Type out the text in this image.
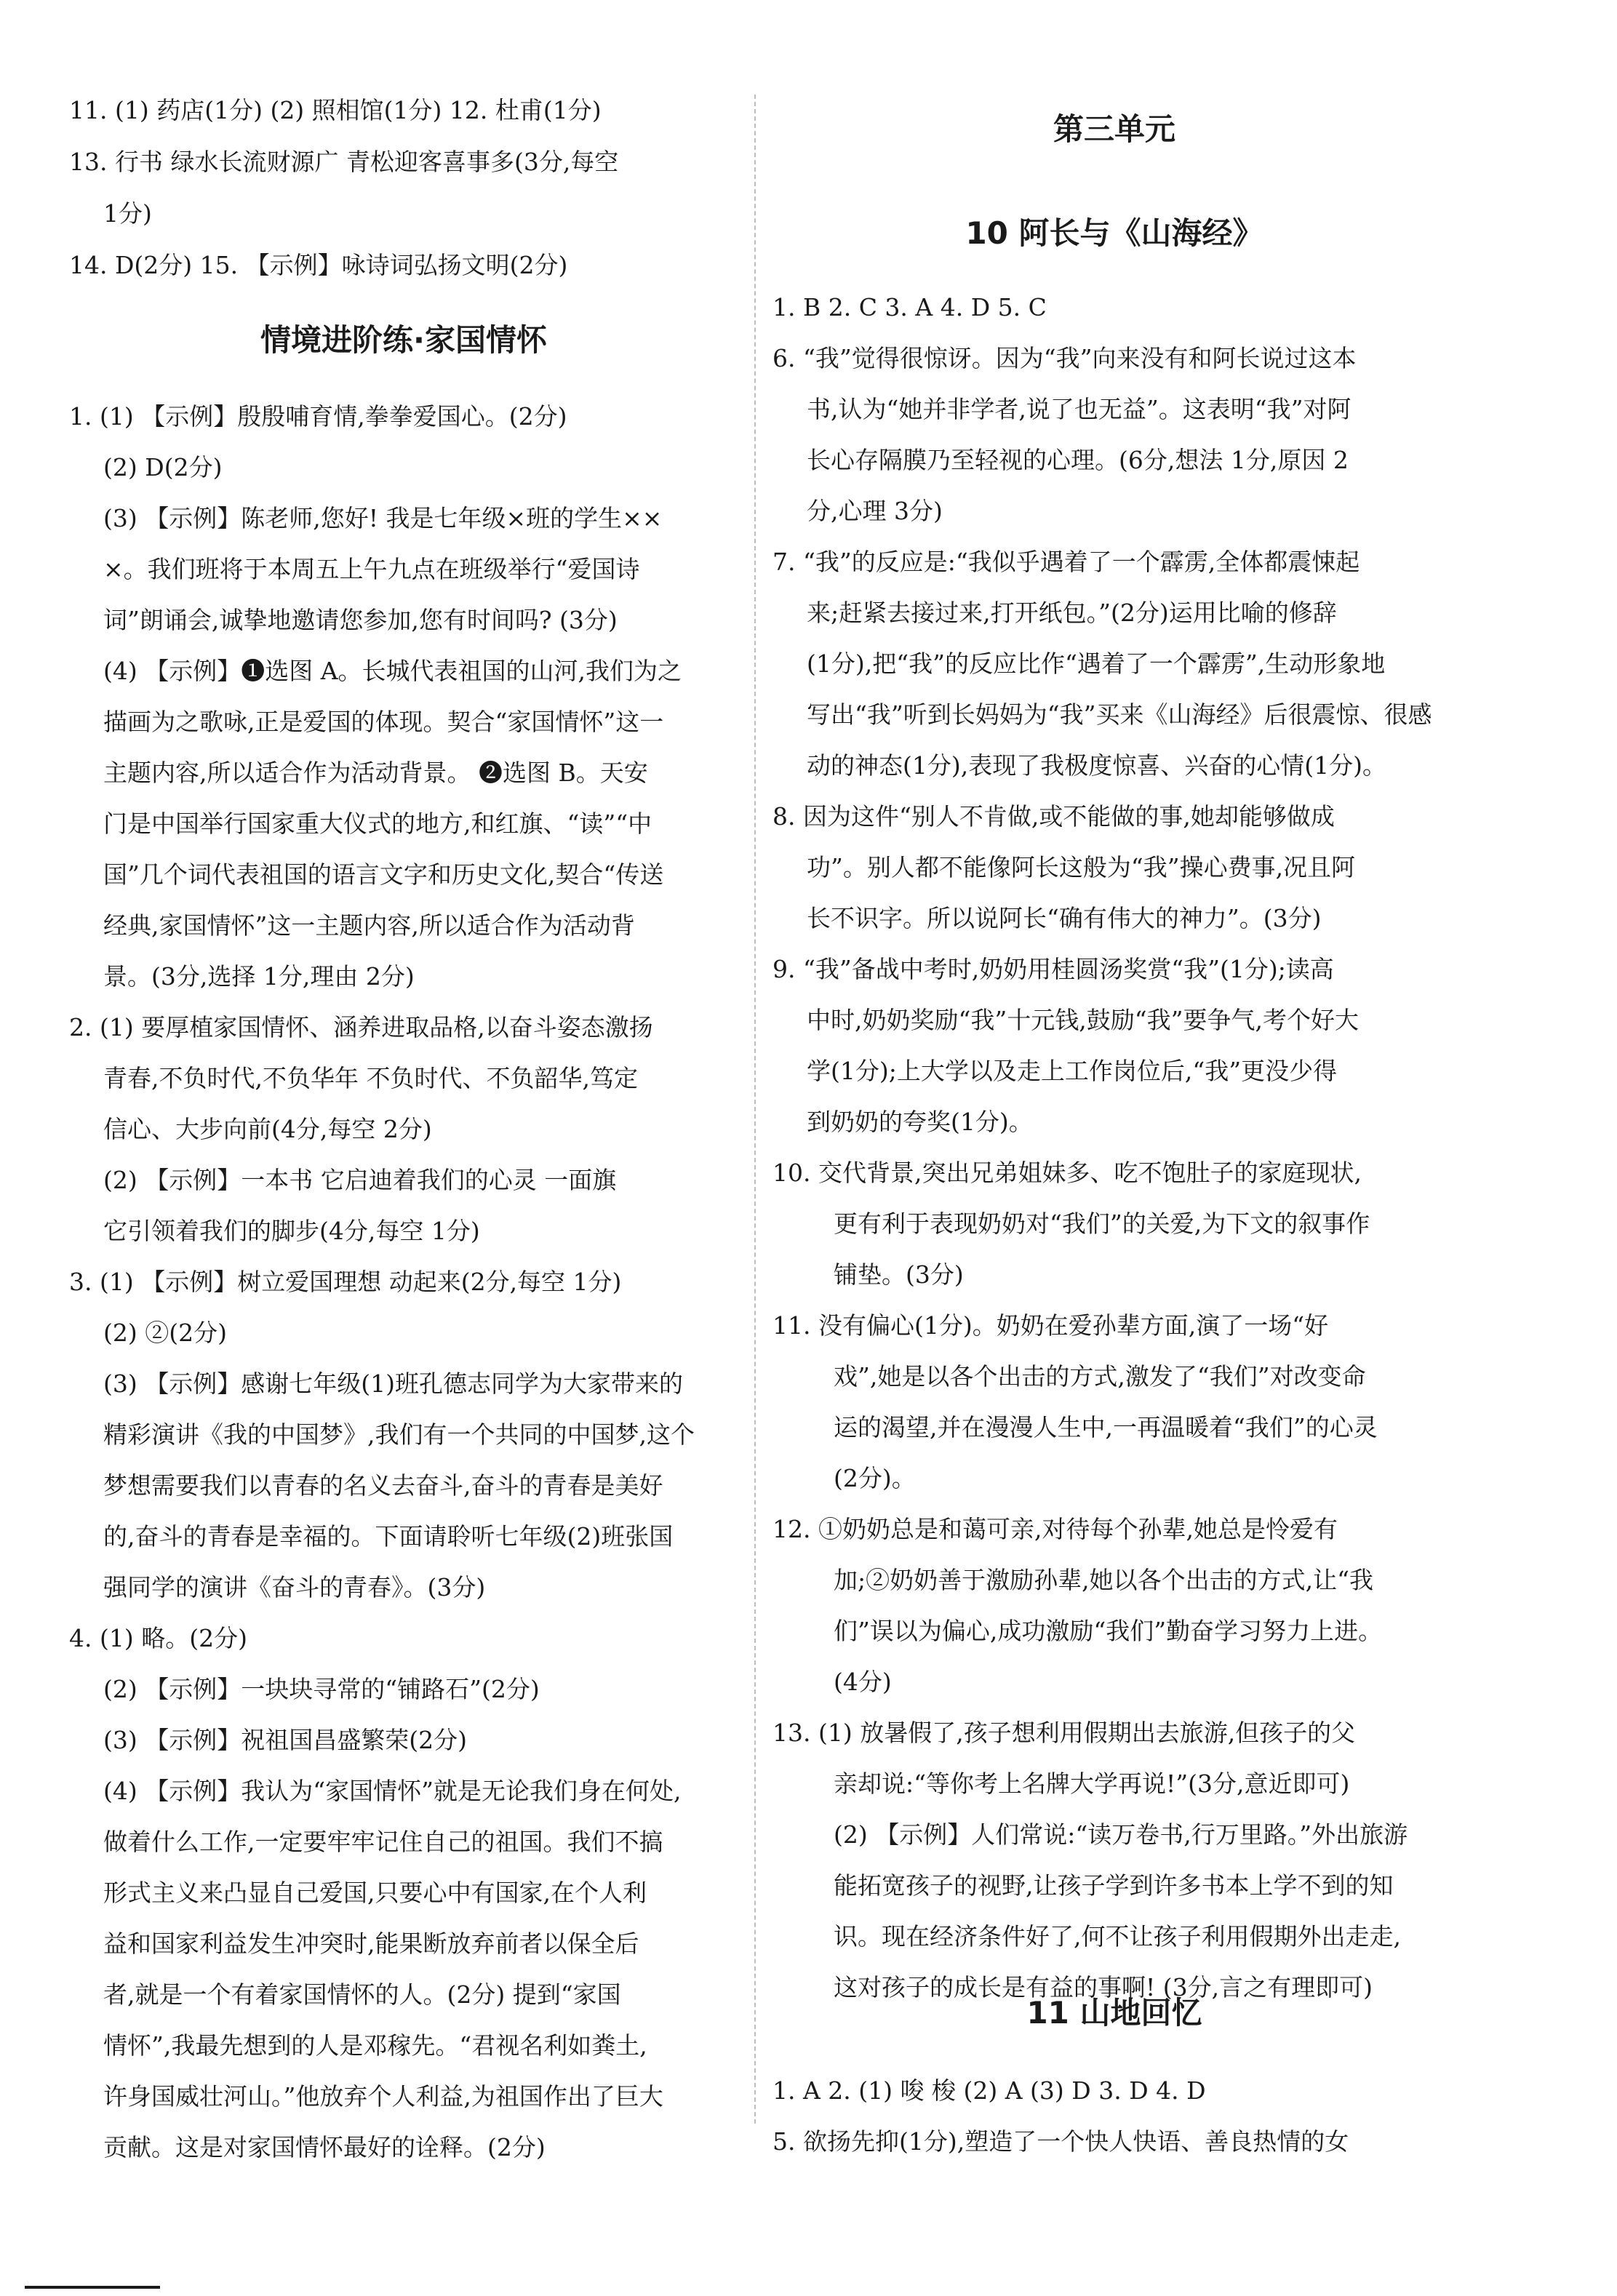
11. (1) 药店(1分) (2) 照相馆(1分) 12. 杜甫(1分)
13. 行书 绿水长流财源广 青松迎客喜事多(3分,每空
1分)
14. D(2分) 15. 【示例】咏诗词弘扬文明(2分)
情境进阶练·家国情怀
1. (1) 【示例】殷殷哺育情,拳拳爱国心。(2分)
(2) D(2分)
(3) 【示例】陈老师,您好! 我是七年级×班的学生××
×。我们班将于本周五上午九点在班级举行“爱国诗
词”朗诵会,诚挚地邀请您参加,您有时间吗? (3分)
(4) 【示例】❶选图 A。长城代表祖国的山河,我们为之
描画为之歌咏,正是爱国的体现。契合“家国情怀”这一
主题内容,所以适合作为活动背景。 ❷选图 B。天安
门是中国举行国家重大仪式的地方,和红旗、“读”“中
国”几个词代表祖国的语言文字和历史文化,契合“传送
经典,家国情怀”这一主题内容,所以适合作为活动背
景。(3分,选择 1分,理由 2分)
2. (1) 要厚植家国情怀、涵养进取品格,以奋斗姿态激扬
青春,不负时代,不负华年 不负时代、不负韶华,笃定
信心、大步向前(4分,每空 2分)
(2) 【示例】一本书 它启迪着我们的心灵 一面旗
它引领着我们的脚步(4分,每空 1分)
3. (1) 【示例】树立爱国理想 动起来(2分,每空 1分)
(2) ②(2分)
(3) 【示例】感谢七年级(1)班孔德志同学为大家带来的
精彩演讲《我的中国梦》,我们有一个共同的中国梦,这个
梦想需要我们以青春的名义去奋斗,奋斗的青春是美好
的,奋斗的青春是幸福的。下面请聆听七年级(2)班张国
强同学的演讲《奋斗的青春》。(3分)
4. (1) 略。(2分)
(2) 【示例】一块块寻常的“铺路石”(2分)
(3) 【示例】祝祖国昌盛繁荣(2分)
(4) 【示例】我认为“家国情怀”就是无论我们身在何处,
做着什么工作,一定要牢牢记住自己的祖国。我们不搞
形式主义来凸显自己爱国,只要心中有国家,在个人利
益和国家利益发生冲突时,能果断放弃前者以保全后
者,就是一个有着家国情怀的人。(2分) 提到“家国
情怀”,我最先想到的人是邓稼先。“君视名利如粪土,
许身国威壮河山。”他放弃个人利益,为祖国作出了巨大
贡献。这是对家国情怀最好的诠释。(2分)
第三单元
10 阿长与《山海经》
1. B 2. C 3. A 4. D 5. C
6. “我”觉得很惊讶。因为“我”向来没有和阿长说过这本
书,认为“她并非学者,说了也无益”。这表明“我”对阿
长心存隔膜乃至轻视的心理。(6分,想法 1分,原因 2
分,心理 3分)
7. “我”的反应是:“我似乎遇着了一个霹雳,全体都震悚起
来;赶紧去接过来,打开纸包。”(2分)运用比喻的修辞
(1分),把“我”的反应比作“遇着了一个霹雳”,生动形象地
写出“我”听到长妈妈为“我”买来《山海经》后很震惊、很感
动的神态(1分),表现了我极度惊喜、兴奋的心情(1分)。
8. 因为这件“别人不肯做,或不能做的事,她却能够做成
功”。别人都不能像阿长这般为“我”操心费事,况且阿
长不识字。所以说阿长“确有伟大的神力”。(3分)
9. “我”备战中考时,奶奶用桂圆汤奖赏“我”(1分);读高
中时,奶奶奖励“我”十元钱,鼓励“我”要争气,考个好大
学(1分);上大学以及走上工作岗位后,“我”更没少得
到奶奶的夸奖(1分)。
10. 交代背景,突出兄弟姐妹多、吃不饱肚子的家庭现状,
更有利于表现奶奶对“我们”的关爱,为下文的叙事作
铺垫。(3分)
11. 没有偏心(1分)。奶奶在爱孙辈方面,演了一场“好
戏”,她是以各个出击的方式,激发了“我们”对改变命
运的渴望,并在漫漫人生中,一再温暖着“我们”的心灵
(2分)。
12. ①奶奶总是和蔼可亲,对待每个孙辈,她总是怜爱有
加;②奶奶善于激励孙辈,她以各个出击的方式,让“我
们”误以为偏心,成功激励“我们”勤奋学习努力上进。
(4分)
13. (1) 放暑假了,孩子想利用假期出去旅游,但孩子的父
亲却说:“等你考上名牌大学再说!”(3分,意近即可)
(2) 【示例】人们常说:“读万卷书,行万里路。”外出旅游
能拓宽孩子的视野,让孩子学到许多书本上学不到的知
识。现在经济条件好了,何不让孩子利用假期外出走走,
这对孩子的成长是有益的事啊! (3分,言之有理即可)
11 山地回忆
1. A 2. (1) 唆 梭 (2) A (3) D 3. D 4. D
5. 欲扬先抑(1分),塑造了一个快人快语、善良热情的女
